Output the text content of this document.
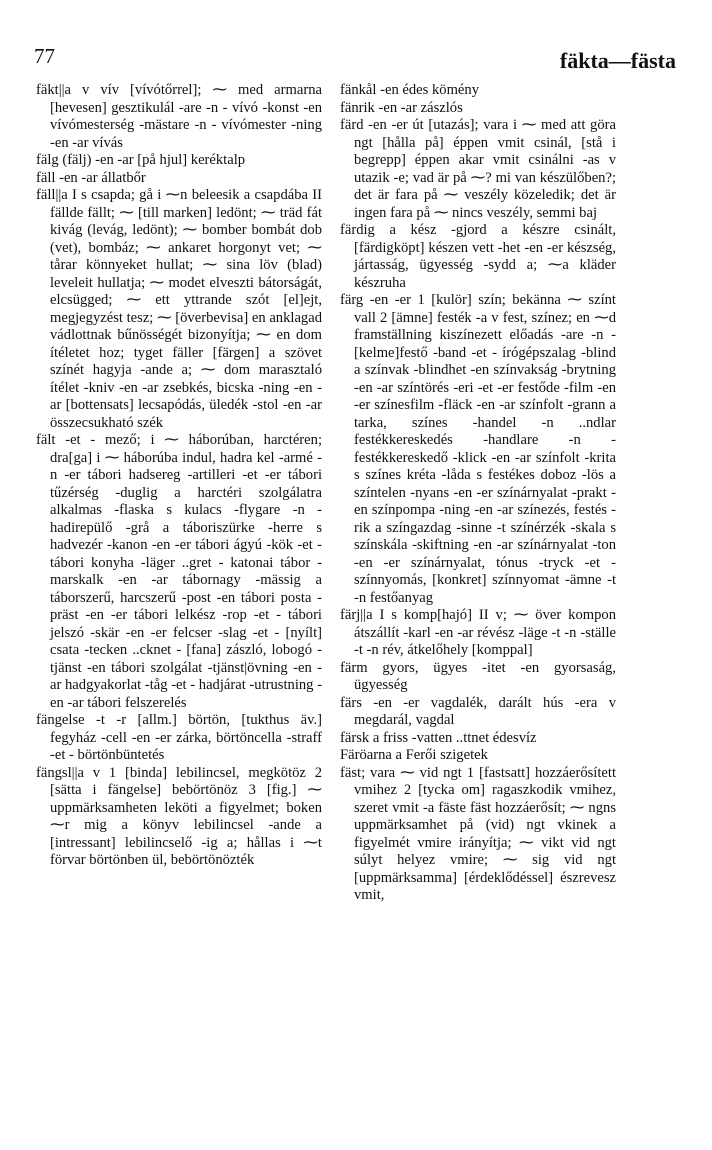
77	fäkta—fästa

fäkt||a v vív [vívótőrrel]; ⁓ med armarna [hevesen] gesztikulál -are -n - vívó -konst -en vívómesterség -mästare -n - vívómester -ning -en -ar vívás

fälg (fälj) -en -ar [på hjul] keréktalp

fäll -en -ar állatbőr

fäll||a I s csapda; gå i ⁓n beleesik a csapdába II fällde fällt; ⁓ [till marken] ledönt; ⁓ träd fát kivág (levág, ledönt); ⁓ bomber bombát dob (vet), bombáz; ⁓ ankaret horgonyt vet; ⁓ tårar könnyeket hullat; ⁓ sina löv (blad) leveleit hullatja; ⁓ modet elveszti bátorságát, elcsügged; ⁓ ett yttrande szót [el]ejt, megjegyzést tesz; ⁓ [överbevisa] en anklagad vádlottnak bűnösségét bizonyítja; ⁓ en dom ítéletet hoz; tyget fäller [färgen] a szövet színét hagyja -ande a; ⁓ dom marasztaló ítélet -kniv -en -ar zsebkés, bicska -ning -en -ar [bottensats] lecsapódás, üledék -stol -en -ar összecsukható szék

fält -et - mező; i ⁓ háborúban, harctéren; dra[ga] i ⁓ háborúba indul, hadra kel -armé -n -er tábori hadsereg -artilleri -et -er tábori tűzérség -duglig a harctéri szolgálatra alkalmas -flaska s kulacs -flygare -n - hadirepülő -grå a táboriszürke -herre s hadvezér -kanon -en -er tábori ágyú -kök -et - tábori konyha -läger ..gret - katonai tábor -marskalk -en -ar tábornagy -mässig a táborszerű, harcszerű -post -en tábori posta -präst -en -er tábori lelkész -rop -et - tábori jelszó -skär -en -er felcser -slag -et - [nyílt] csata -tecken ..cknet - [fana] zászló, lobogó -tjänst -en tábori szolgálat -tjänst|övning -en -ar hadgyakorlat -tåg -et - hadjárat -utrustning -en -ar tábori felszerelés

fängelse -t -r [allm.] börtön, [tukthus äv.] fegyház -cell -en -er zárka, börtöncella -straff -et - börtönbüntetés

fängsl||a v 1 [binda] lebilincsel, megkötöz 2 [sätta i fängelse] bebörtönöz 3 [fig.] ⁓ uppmärksamheten leköti a figyelmet; boken ⁓r mig a könyv lebilincsel -ande a [intressant] lebilincselő -ig a; hållas i ⁓t förvar börtönben ül, bebörtönözték

fänkål -en édes kömény

fänrik -en -ar zászlós

färd -en -er út [utazás]; vara i ⁓ med att göra ngt [hålla på] éppen vmit csinál, [stå i begrepp] éppen akar vmit csinálni -as v utazik -e; vad är på ⁓? mi van készülőben?; det är fara på ⁓ veszély közeledik; det är ingen fara på ⁓ nincs veszély, semmi baj

färdig a kész -gjord a készre csinált, [färdigköpt] készen vett -het -en -er készség, jártasság, ügyesség -sydd a; ⁓a kläder készruha

färg -en -er 1 [kulör] szín; bekänna ⁓ színt vall 2 [ämne] festék -a v fest, színez; en ⁓d framställning kiszínezett előadás -are -n - [kelme]festő -band -et - írógépszalag -blind a színvak -blindhet -en színvakság -brytning -en -ar színtörés -eri -et -er festőde -film -en -er színesfilm -fläck -en -ar színfolt -grann a tarka, színes -handel -n ..ndlar festékkereskedés -handlare -n - festékkereskedő -klick -en -ar színfolt -krita s színes kréta -låda s festékes doboz -lös a színtelen -nyans -en -er színárnyalat -prakt -en színpompa -ning -en -ar színezés, festés -rik a színgazdag -sinne -t színérzék -skala s színskála -skiftning -en -ar színárnyalat -ton -en -er színárnyalat, tónus -tryck -et - színnyomás, [konkret] színnyomat -ämne -t -n festőanyag

färj||a I s komp[hajó] II v; ⁓ över kompon átszállít -karl -en -ar révész -läge -t -n -ställe -t -n rév, átkelőhely [komppal]

färm gyors, ügyes -itet -en gyorsaság, ügyesség

färs -en -er vagdalék, darált hús -era v megdarál, vagdal

färsk a friss -vatten ..ttnet édesvíz

Färöarna a Ferői szigetek

fäst; vara ⁓ vid ngt 1 [fastsatt] hozzáerősített vmihez 2 [tycka om] ragaszkodik vmihez, szeret vmit -a fäste fäst hozzáerősít; ⁓ ngns uppmärksamhet på (vid) ngt vkinek a figyelmét vmire irányítja; ⁓ vikt vid ngt súlyt helyez vmire; ⁓ sig vid ngt [uppmärksamma] [érdeklődéssel] észrevesz vmit,
